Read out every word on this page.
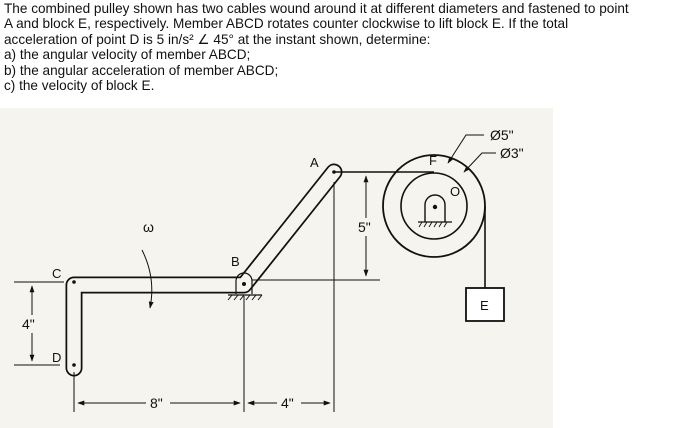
The combined pulley shown has two cables wound around it at different diameters and fastened to point
A and block E, respectively. Member ABCD rotates counter clockwise to lift block E. If the total
acceleration of point D is 5 in/s² ∠ 45° at the instant shown, determine:
a) the angular velocity of member ABCD;
b) the angular acceleration of member ABCD;
c) the velocity of block E.
A
B
C
D
E
F
O
ω
Ø5"
Ø3"
5"
4"
8"	4"
